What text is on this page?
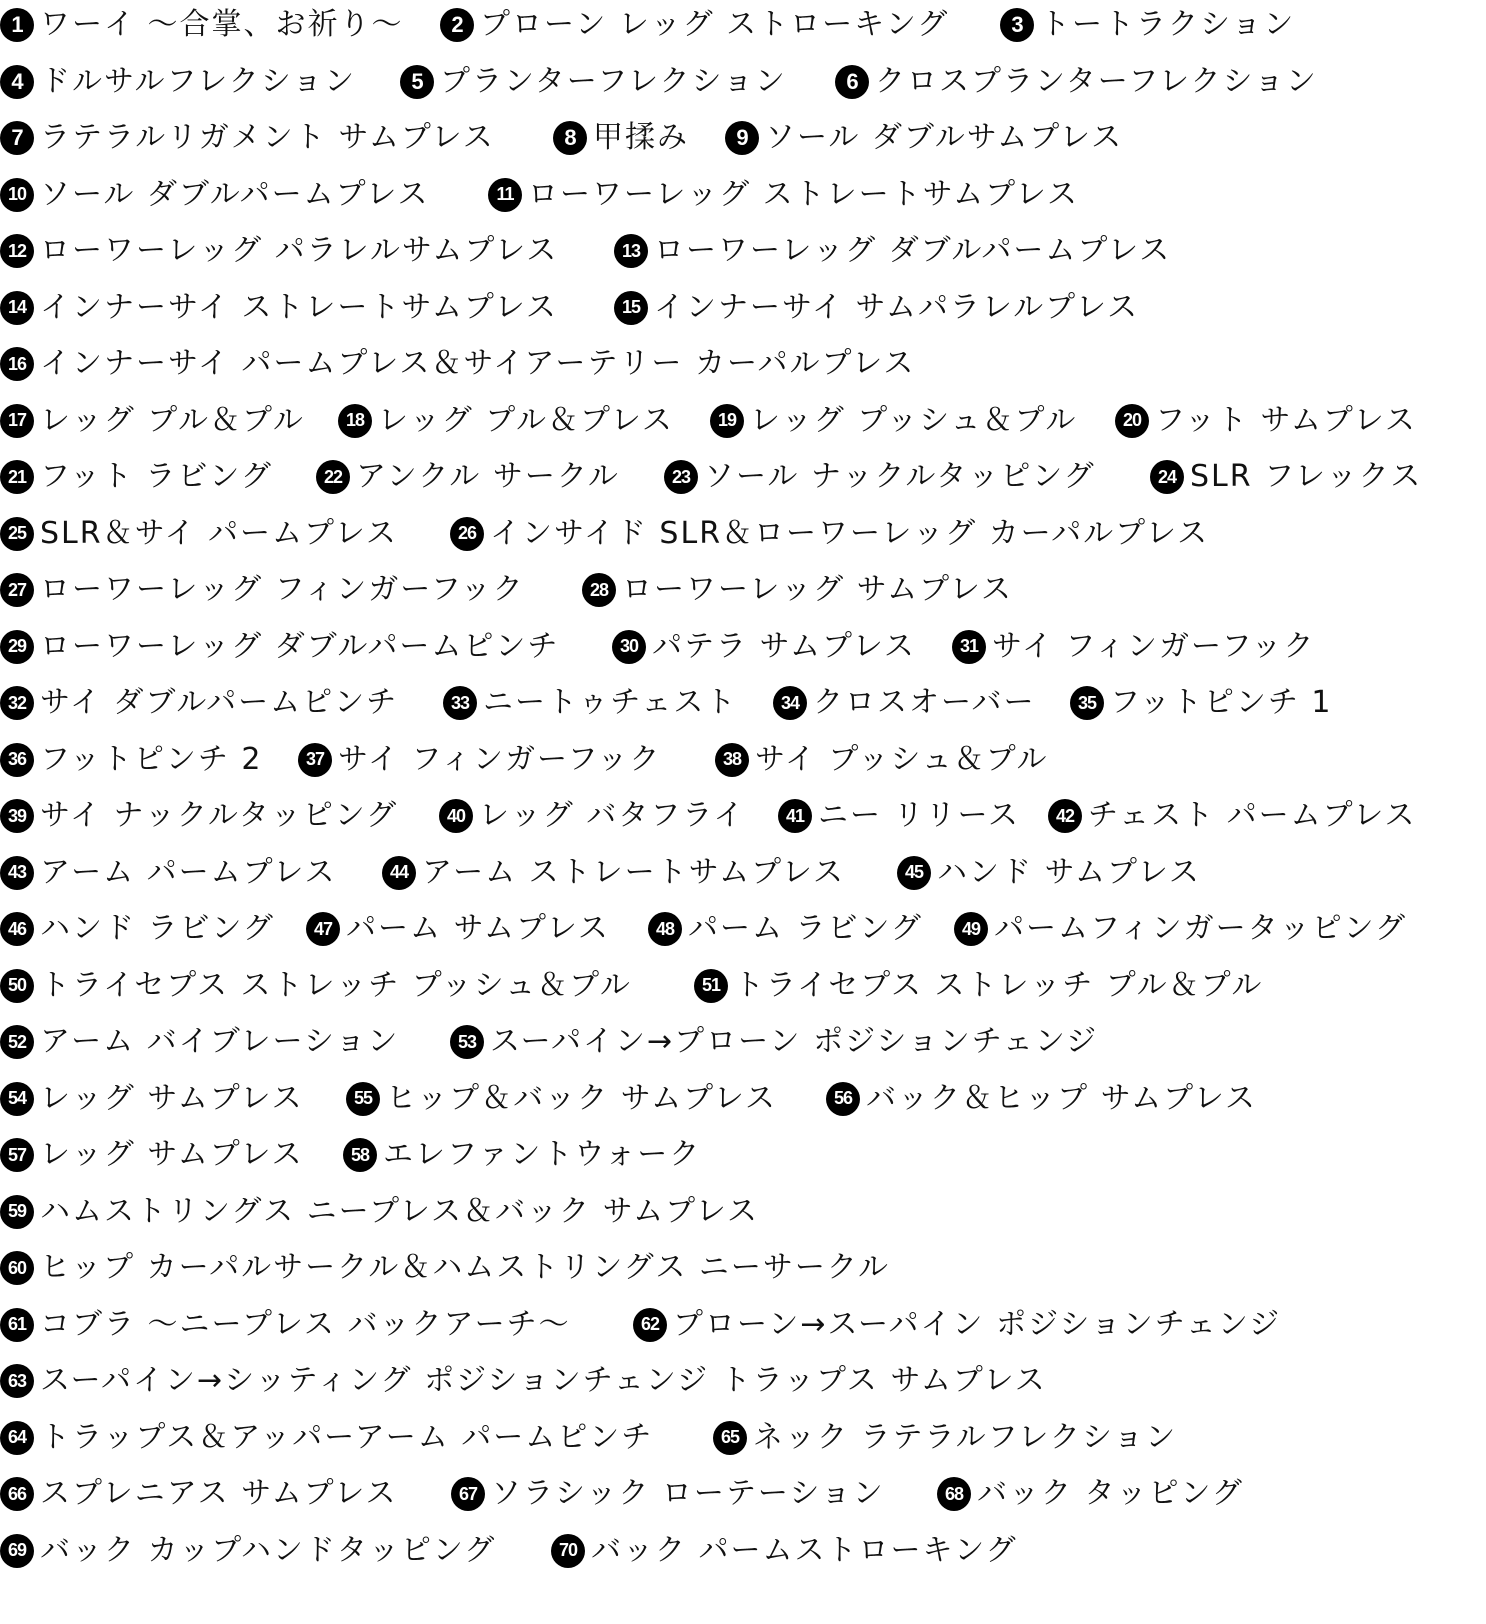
1 ワーイ 〜合掌、お祈り〜	2 プローン レッグ ストローキング	3 トートラクション
4 ドルサルフレクション	5 プランターフレクション	6 クロスプランターフレクション
7 ラテラルリガメント サムプレス	8 甲揉み	9 ソール ダブルサムプレス
10 ソール ダブルパームプレス	11 ローワーレッグ ストレートサムプレス
12 ローワーレッグ パラレルサムプレス	13 ローワーレッグ ダブルパームプレス
14 インナーサイ ストレートサムプレス	15 インナーサイ サムパラレルプレス
16 インナーサイ パームプレス＆サイアーテリー カーパルプレス
17 レッグ プル＆プル	18 レッグ プル＆プレス	19 レッグ プッシュ＆プル	20 フット サムプレス
21 フット ラビング	22 アンクル サークル	23 ソール ナックルタッピング	24 SLR フレックス
25 SLR＆サイ パームプレス	26 インサイド SLR＆ローワーレッグ カーパルプレス
27 ローワーレッグ フィンガーフック	28 ローワーレッグ サムプレス
29 ローワーレッグ ダブルパームピンチ	30 パテラ サムプレス	31 サイ フィンガーフック
32 サイ ダブルパームピンチ	33 ニートゥチェスト	34 クロスオーバー	35 フットピンチ 1
36 フットピンチ 2	37 サイ フィンガーフック	38 サイ プッシュ＆プル
39 サイ ナックルタッピング	40 レッグ バタフライ	41 ニー リリース	42 チェスト パームプレス
43 アーム パームプレス	44 アーム ストレートサムプレス	45 ハンド サムプレス
46 ハンド ラビング	47 パーム サムプレス	48 パーム ラビング	49 パームフィンガータッピング
50 トライセプス ストレッチ プッシュ＆プル	51 トライセプス ストレッチ プル＆プル
52 アーム バイブレーション	53 スーパイン→プローン ポジションチェンジ
54 レッグ サムプレス	55 ヒップ＆バック サムプレス	56 バック＆ヒップ サムプレス
57 レッグ サムプレス	58 エレファントウォーク
59 ハムストリングス ニープレス＆バック サムプレス
60 ヒップ カーパルサークル＆ハムストリングス ニーサークル
61 コブラ 〜ニープレス バックアーチ〜	62 プローン→スーパイン ポジションチェンジ
63 スーパイン→シッティング ポジションチェンジ トラップス サムプレス
64 トラップス＆アッパーアーム パームピンチ	65 ネック ラテラルフレクション
66 スプレニアス サムプレス	67 ソラシック ローテーション	68 バック タッピング
69 バック カップハンドタッピング	70 バック パームストローキング
